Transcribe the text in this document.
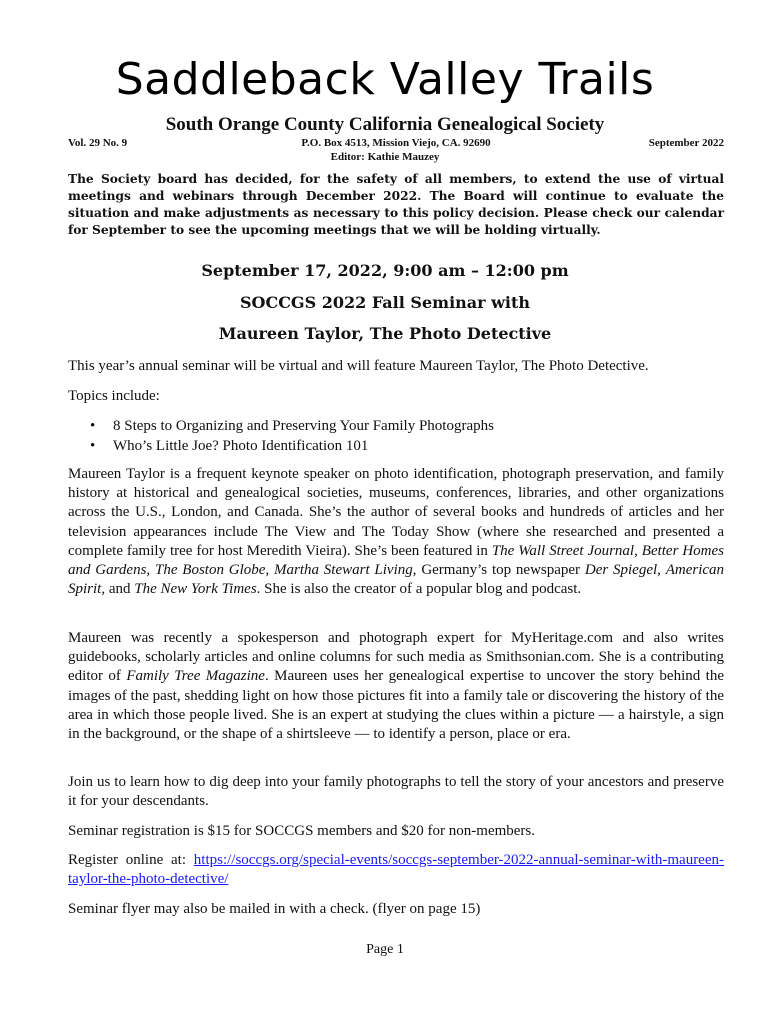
Saddleback Valley Trails
South Orange County California Genealogical Society
Vol. 29 No. 9	P.O. Box 4513, Mission Viejo, CA. 92690	September 2022
Editor: Kathie Mauzey
The Society board has decided, for the safety of all members, to extend the use of virtual meetings and webinars through December 2022. The Board will continue to evaluate the situation and make adjustments as necessary to this policy decision. Please check our calendar for September to see the upcoming meetings that we will be holding virtually.
September 17, 2022, 9:00 am – 12:00 pm
SOCCGS 2022 Fall Seminar with
Maureen Taylor, The Photo Detective

This year’s annual seminar will be virtual and will feature Maureen Taylor, The Photo Detective.

Topics include:

• 8 Steps to Organizing and Preserving Your Family Photographs
• Who’s Little Joe? Photo Identification 101

Maureen Taylor is a frequent keynote speaker on photo identification, photograph preservation, and family history at historical and genealogical societies, museums, conferences, libraries, and other organizations across the U.S., London, and Canada. She’s the author of several books and hundreds of articles and her television appearances include The View and The Today Show (where she researched and presented a complete family tree for host Meredith Vieira). She’s been featured in The Wall Street Journal, Better Homes and Gardens, The Boston Globe, Martha Stewart Living, Germany’s top newspaper Der Spiegel, American Spirit, and The New York Times. She is also the creator of a popular blog and podcast.

Maureen was recently a spokesperson and photograph expert for MyHeritage.com and also writes guidebooks, scholarly articles and online columns for such media as Smithsonian.com. She is a contributing editor of Family Tree Magazine. Maureen uses her genealogical expertise to uncover the story behind the images of the past, shedding light on how those pictures fit into a family tale or discovering the history of the area in which those people lived. She is an expert at studying the clues within a picture — a hairstyle, a sign in the background, or the shape of a shirtsleeve — to identify a person, place or era.

Join us to learn how to dig deep into your family photographs to tell the story of your ancestors and preserve it for your descendants.

Seminar registration is $15 for SOCCGS members and $20 for non-members.

Register online at: https://soccgs.org/special-events/soccgs-september-2022-annual-seminar-with-maureen-taylor-the-photo-detective/

Seminar flyer may also be mailed in with a check. (flyer on page 15)

Page 1
